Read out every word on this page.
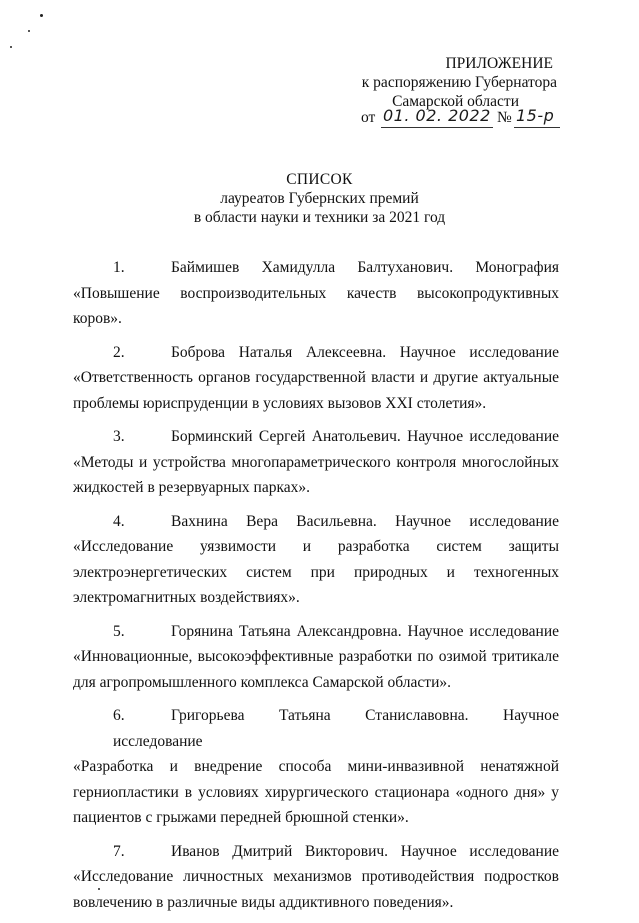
ПРИЛОЖЕНИЕ
к распоряжению Губернатора
Самарской области
от 01. 02. 2022 № 15-р
СПИСОК
лауреатов Губернских премий
в области науки и техники за 2021 год
1.	Баймишев Хамидулла Балтуханович. Монография
«Повышение воспроизводительных качеств высокопродуктивных коров».
2.	Боброва Наталья Алексеевна. Научное исследование
«Ответственность органов государственной власти и другие актуальные
проблемы юриспруденции в условиях вызовов XXI столетия».
3.	Борминский Сергей Анатольевич. Научное исследование
«Методы и устройства многопараметрического контроля многослойных
жидкостей в резервуарных парках».
4.	Вахнина Вера Васильевна. Научное исследование
«Исследование уязвимости и разработка систем защиты
электроэнергетических систем при природных и техногенных
электромагнитных воздействиях».
5.	Горянина Татьяна Александровна. Научное исследование
«Инновационные, высокоэффективные разработки по озимой тритикале
для агропромышленного комплекса Самарской области».
6.	Григорьева Татьяна Станиславовна. Научное исследование
«Разработка и внедрение способа мини-инвазивной ненатяжной
герниопластики в условиях хирургического стационара «одного дня» у
пациентов с грыжами передней брюшной стенки».
7.	Иванов Дмитрий Викторович. Научное исследование
«Исследование личностных механизмов противодействия подростков
вовлечению в различные виды аддиктивного поведения».
